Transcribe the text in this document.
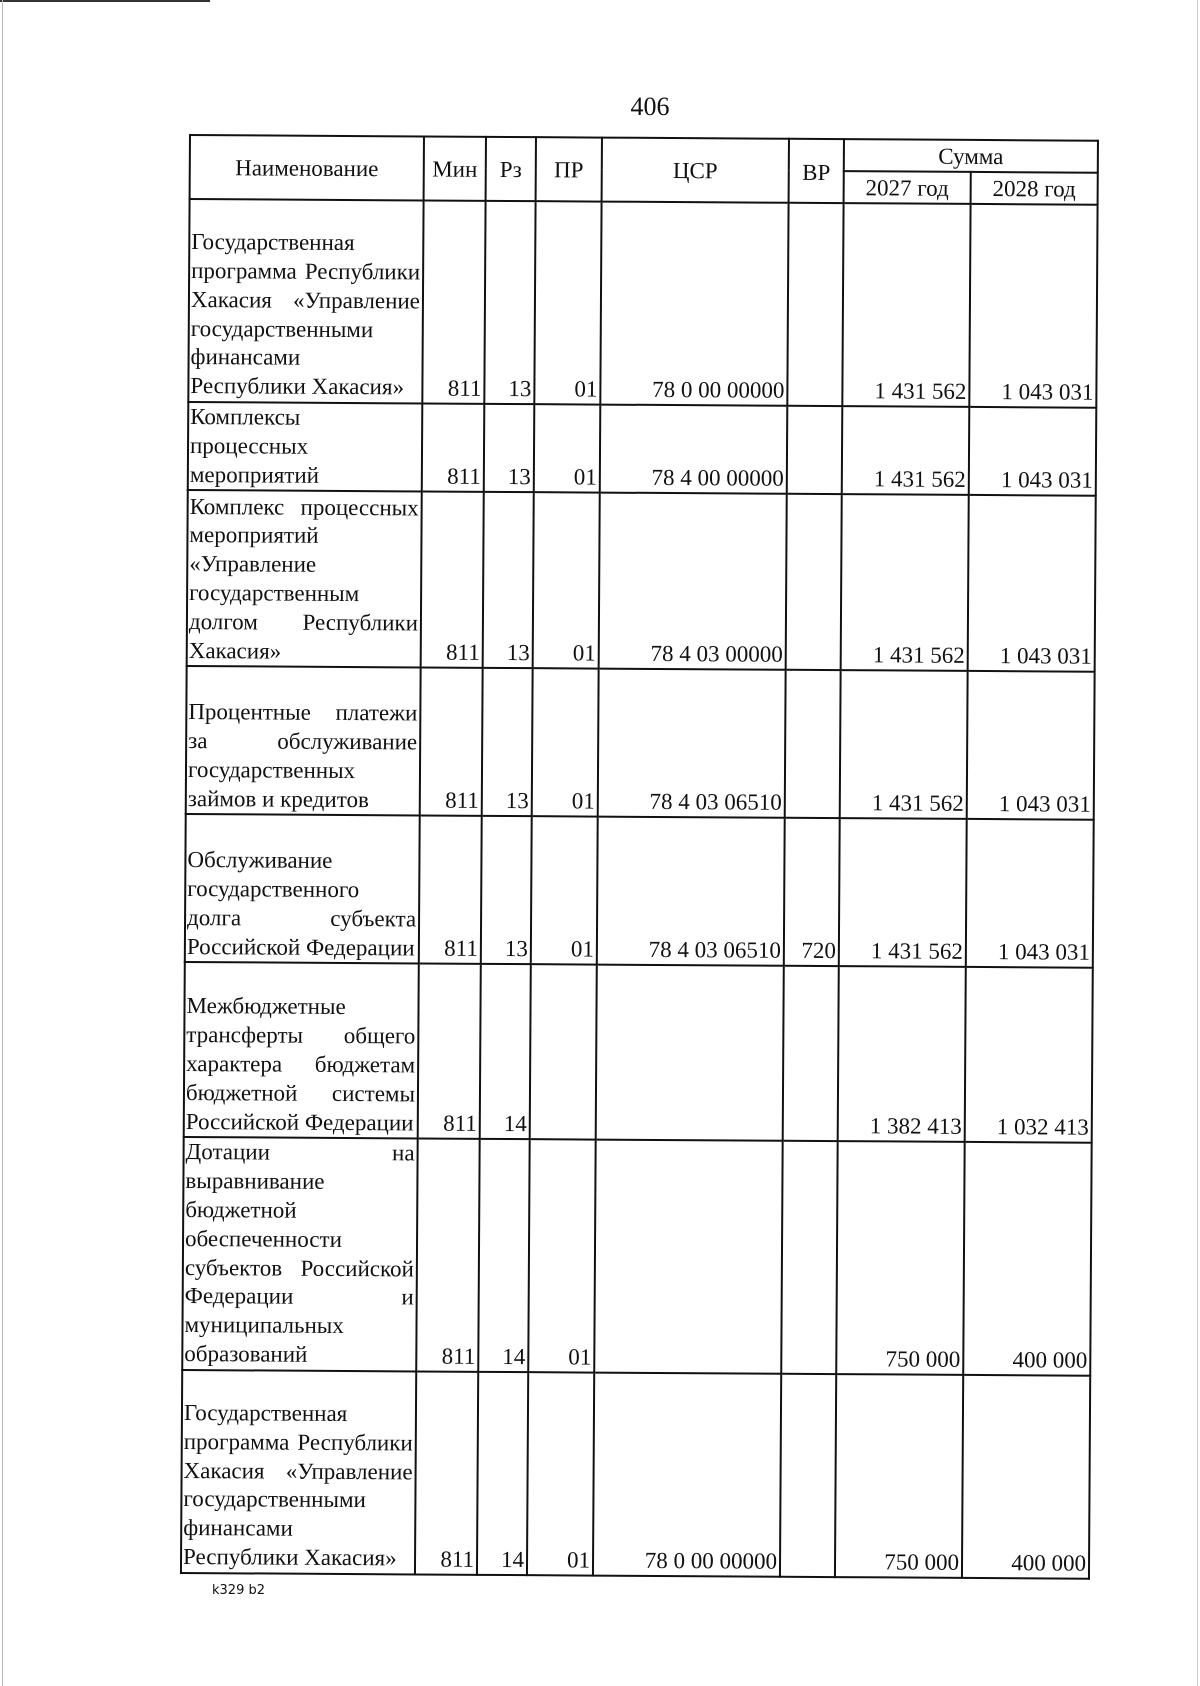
406
Наименование	Мин	Рз	ПР	ЦСР	ВР	Сумма	
						2027 год	2028 год
Государственная программа Республики Хакасия «Управление государственными финансами Республики Хакасия»	811	13	01	78 0 00 00000		1 431 562	1 043 031
Комплексы процессных мероприятий	811	13	01	78 4 00 00000		1 431 562	1 043 031
Комплекс процессных мероприятий «Управление государственным долгом Республики Хакасия»	811	13	01	78 4 03 00000		1 431 562	1 043 031
Процентные платежи за обслуживание государственных займов и кредитов	811	13	01	78 4 03 06510		1 431 562	1 043 031
Обслуживание государственного долга субъекта Российской Федерации	811	13	01	78 4 03 06510	720	1 431 562	1 043 031
Межбюджетные трансферты общего характера бюджетам бюджетной системы Российской Федерации	811	14				1 382 413	1 032 413
Дотации на выравнивание бюджетной обеспеченности субъектов Российской Федерации и муниципальных образований	811	14	01			750 000	400 000
Государственная программа Республики Хакасия «Управление государственными финансами Республики Хакасия»	811	14	01	78 0 00 00000		750 000	400 000
k329 b2
